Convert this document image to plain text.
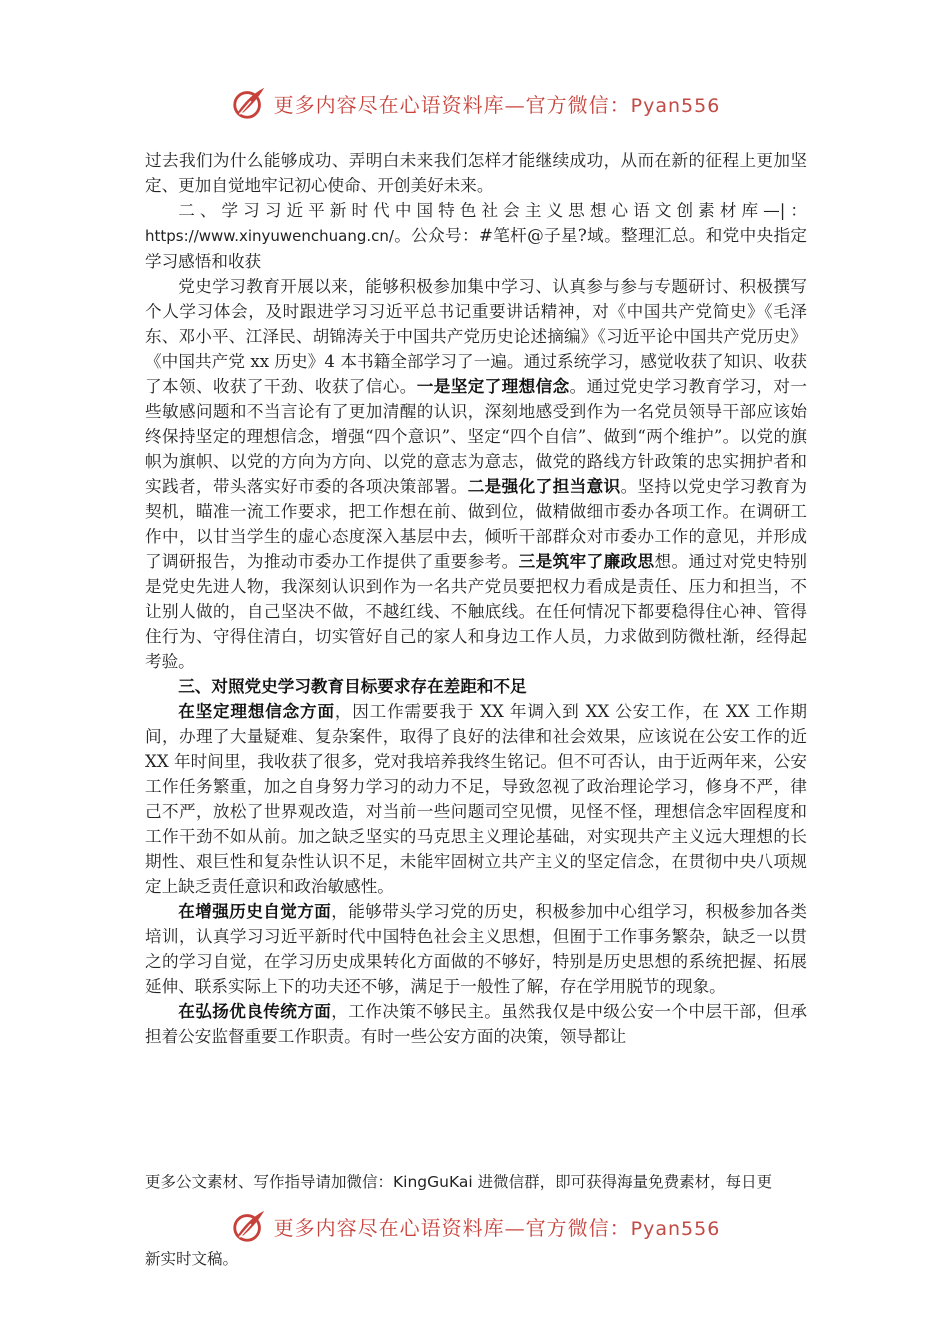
更多内容尽在心语资料库—官方微信：Pyan556

过去我们为什么能够成功、弄明白未来我们怎样才能继续成功，从而在新的征程上更加坚定、更加自觉地牢记初心使命、开创美好未来。

二、学习习近平新时代中国特色社会主义思想心语文创素材库—|：https://www.xinyuwenchuang.cn/。公众号：#笔杆@子星?域。整理汇总。和党中央指定学习感悟和收获

党史学习教育开展以来，能够积极参加集中学习、认真参与参与专题研讨、积极撰写个人学习体会，及时跟进学习习近平总书记重要讲话精神，对《中国共产党简史》《毛泽东、邓小平、江泽民、胡锦涛关于中国共产党历史论述摘编》《习近平论中国共产党历史》《中国共产党 xx 历史》4 本书籍全部学习了一遍。通过系统学习，感觉收获了知识、收获了本领、收获了干劲、收获了信心。一是坚定了理想信念。通过党史学习教育学习，对一些敏感问题和不当言论有了更加清醒的认识，深刻地感受到作为一名党员领导干部应该始终保持坚定的理想信念，增强“四个意识”、坚定“四个自信”、做到“两个维护”。以党的旗帜为旗帜、以党的方向为方向、以党的意志为意志，做党的路线方针政策的忠实拥护者和实践者，带头落实好市委的各项决策部署。二是强化了担当意识。坚持以党史学习教育为契机，瞄准一流工作要求，把工作想在前、做到位，做精做细市委办各项工作。在调研工作中，以甘当学生的虚心态度深入基层中去，倾听干部群众对市委办工作的意见，并形成了调研报告，为推动市委办工作提供了重要参考。三是筑牢了廉政思想。通过对党史特别是党史先进人物，我深刻认识到作为一名共产党员要把权力看成是责任、压力和担当，不让别人做的，自己坚决不做，不越红线、不触底线。在任何情况下都要稳得住心神、管得住行为、守得住清白，切实管好自己的家人和身边工作人员，力求做到防微杜渐，经得起考验。

三、对照党史学习教育目标要求存在差距和不足

在坚定理想信念方面，因工作需要我于 XX 年调入到 XX 公安工作，在 XX 工作期间，办理了大量疑难、复杂案件，取得了良好的法律和社会效果，应该说在公安工作的近 XX 年时间里，我收获了很多，党对我培养我终生铭记。但不可否认，由于近两年来，公安工作任务繁重，加之自身努力学习的动力不足，导致忽视了政治理论学习，修身不严，律己不严，放松了世界观改造，对当前一些问题司空见惯，见怪不怪，理想信念牢固程度和工作干劲不如从前。加之缺乏坚实的马克思主义理论基础，对实现共产主义远大理想的长期性、艰巨性和复杂性认识不足，未能牢固树立共产主义的坚定信念，在贯彻中央八项规定上缺乏责任意识和政治敏感性。

在增强历史自觉方面，能够带头学习党的历史，积极参加中心组学习，积极参加各类培训，认真学习习近平新时代中国特色社会主义思想，但囿于工作事务繁杂，缺乏一以贯之的学习自觉，在学习历史成果转化方面做的不够好，特别是历史思想的系统把握、拓展延伸、联系实际上下的功夫还不够，满足于一般性了解，存在学用脱节的现象。

在弘扬优良传统方面，工作决策不够民主。虽然我仅是中级公安一个中层干部，但承担着公安监督重要工作职责。有时一些公安方面的决策，领导都让

更多公文素材、写作指导请加微信：KingGuKai 进微信群，即可获得海量免费素材，每日更
更多内容尽在心语资料库—官方微信：Pyan556
新实时文稿。
